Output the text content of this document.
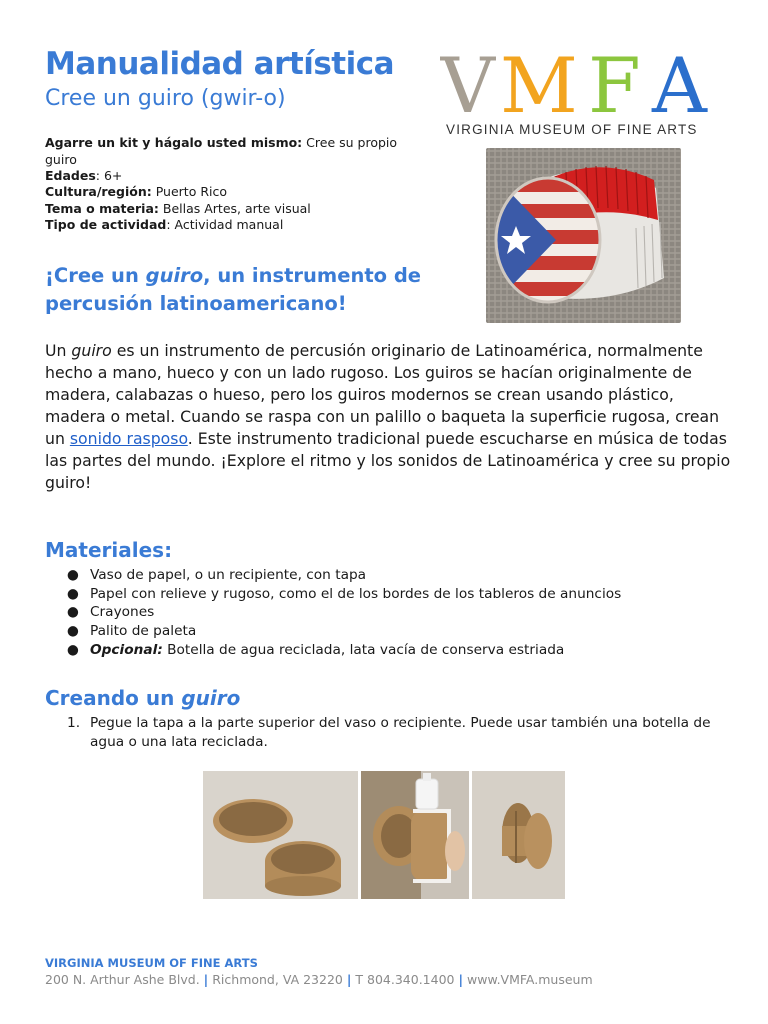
Manualidad artística
Cree un guiro (gwir-o) V M F A
VIRGINIA MUSEUM OF FINE ARTS
Agarre un kit y hágalo usted mismo: Cree su propio guiro
Edades: 6+
Cultura/región: Puerto Rico
Tema o materia: Bellas Artes, arte visual
Tipo de actividad: Actividad manual
¡Cree un guiro, un instrumento de percusión latinoamericano!
Un guiro es un instrumento de percusión originario de Latinoamérica, normalmente hecho a mano, hueco y con un lado rugoso. Los guiros se hacían originalmente de madera, calabazas o hueso, pero los guiros modernos se crean usando plástico, madera o metal. Cuando se raspa con un palillo o baqueta la superficie rugosa, crean un sonido rasposo. Este instrumento tradicional puede escucharse en música de todas las partes del mundo. ¡Explore el ritmo y los sonidos de Latinoamérica y cree su propio guiro!
Materiales:
● Vaso de papel, o un recipiente, con tapa
● Papel con relieve y rugoso, como el de los bordes de los tableros de anuncios
● Crayones
● Palito de paleta
● Opcional: Botella de agua reciclada, lata vacía de conserva estriada
Creando un guiro
1. Pegue la tapa a la parte superior del vaso o recipiente. Puede usar también una botella de agua o una lata reciclada.
VIRGINIA MUSEUM OF FINE ARTS
200 N. Arthur Ashe Blvd. | Richmond, VA 23220 | T 804.340.1400 | www.VMFA.museum
